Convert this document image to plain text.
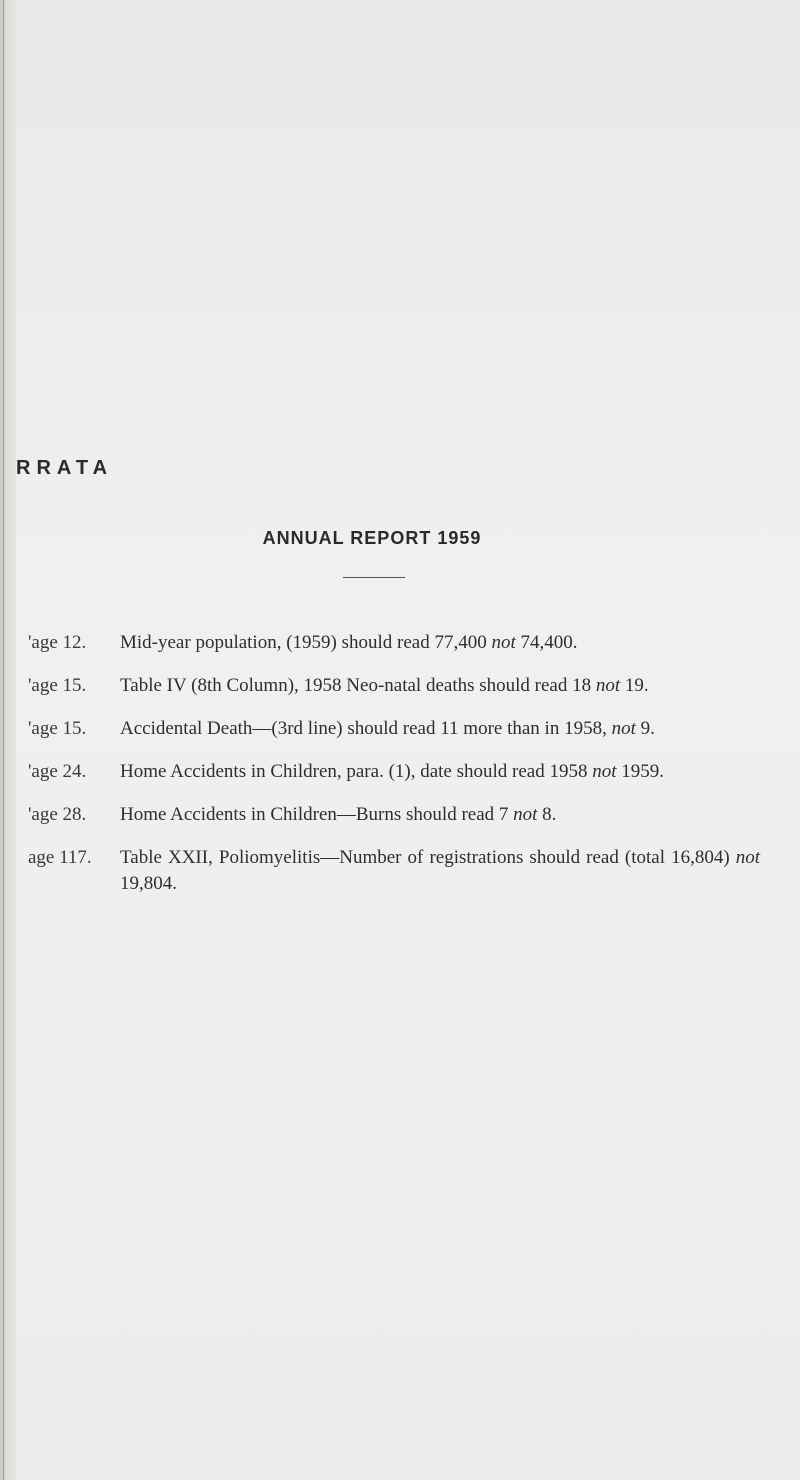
RRATA
ANNUAL REPORT 1959
'age 12.	Mid-year population, (1959) should read 77,400 not 74,400.
'age 15.	Table IV (8th Column), 1958 Neo-natal deaths should read 18 not 19.
'age 15.	Accidental Death—(3rd line) should read 11 more than in 1958, not 9.
'age 24.	Home Accidents in Children, para. (1), date should read 1958 not 1959.
'age 28.	Home Accidents in Children—Burns should read 7 not 8.
age 117.	Table XXII, Poliomyelitis—Number of registrations should read (total 16,804) not 19,804.
